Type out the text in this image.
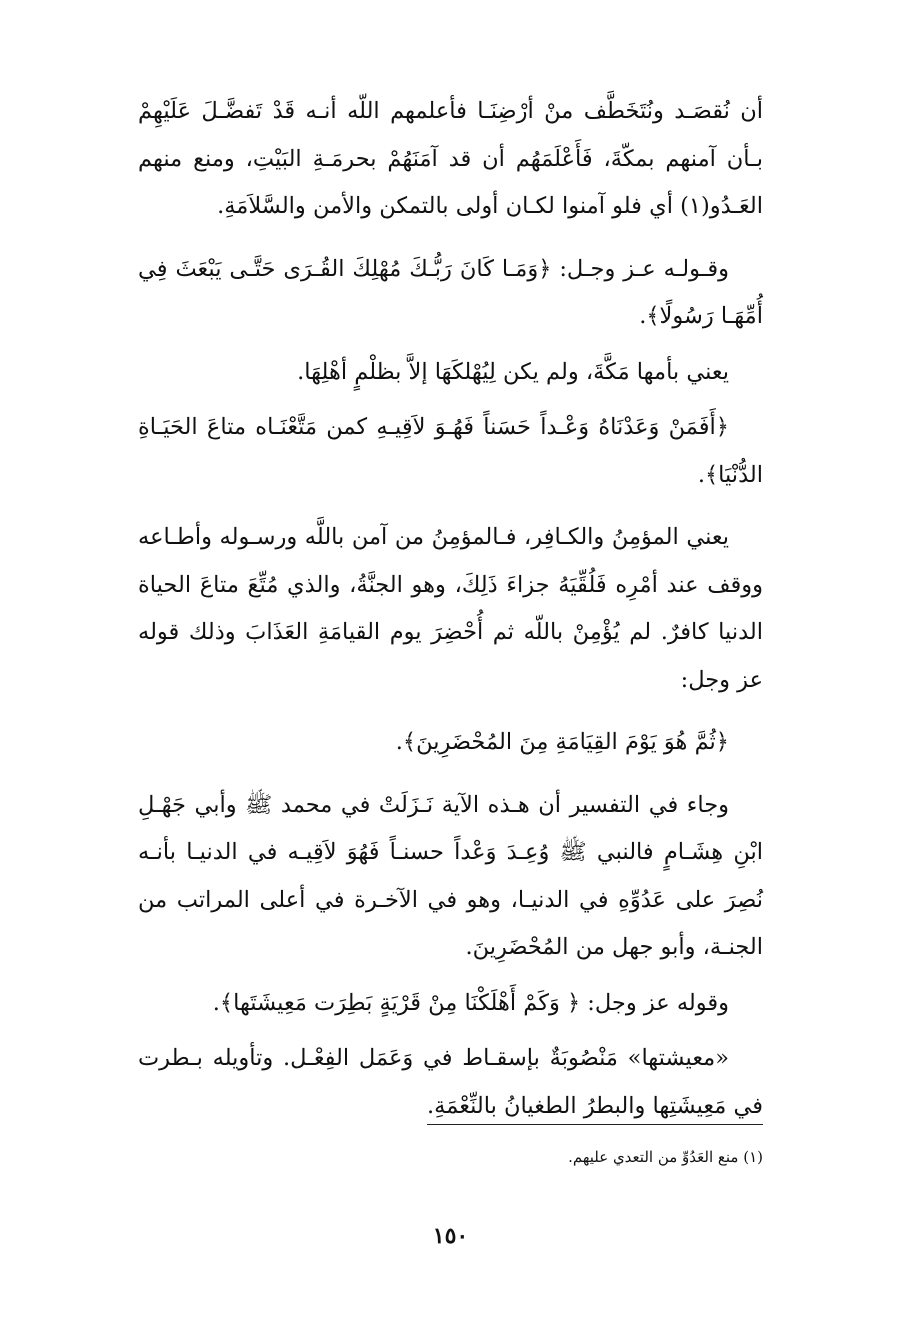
أن نُقصَـد ونُتَخَطَّف منْ أرْضِنَـا فأعلمهم اللّه أنـه قَدْ تَفضَّـلَ عَلَيْهِمْ بـأن آمنهم بمكّةَ، فَأَعْلَمَهُم أن قد آمَنَهُمْ بحرمَـةِ البَيْتِ، ومنع منهم العَـدُو(١) أي فلو آمنوا لكـان أولى بالتمكن والأمن والسَّلاَمَةِ.

وقـولـه عـز وجـل: ﴿وَمَـا كَانَ رَبُّـكَ مُهْلِكَ القُـرَى حَتَّـى يَبْعَثَ فِي أُمِّهَـا رَسُولًا﴾.

يعني بأمها مَكَّةَ، ولم يكن لِيُهْلكَهَا إلاَّ بظلْمٍ أهْلِهَا.

﴿أَفَمَنْ وَعَدْنَاهُ وَعْـداً حَسَناً فَهُـوَ لاَقِيـهِ كمن مَتَّعْنَـاه متاعَ الحَيَـاةِ الدُّنْيَا﴾.

يعني المؤمِنُ والكـافِر، فـالمؤمِنُ من آمن باللَّه ورسـوله وأطـاعه ووقف عند أمْرِه فَلُقِّيَهُ جزاءَ ذَلِكَ، وهو الجنَّةُ، والذي مُتِّعَ متاعَ الحياة الدنيا كافرٌ. لم يُؤْمِنْ باللّه ثم أُحْضِرَ يوم القيامَةِ العَذَابَ وذلك قوله عز وجل:

﴿ثُمَّ هُوَ يَوْمَ القِيَامَةِ مِنَ المُحْضَرِينَ﴾.

وجاء في التفسير أن هـذه الآية نَـزَلَتْ في محمد ﷺ وأبي جَهْـلِ ابْنِ هِشَـامٍ فالنبي ﷺ وُعِـدَ وَعْداً حسنـاً فَهُوَ لاَقِيـه في الدنيـا بأنـه نُصِرَ على عَدُوِّهِ في الدنيـا، وهو في الآخـرة في أعلى المراتب من الجنـة، وأبو جهل من المُحْضَرِينَ.

وقوله عز وجل: ﴿ وَكَمْ أَهْلَكْنَا مِنْ قَرْيَةٍ بَطِرَت مَعِيشَتَها﴾.

«معيشتها» مَنْصُوبَةٌ بإسقـاط في وَعَمَل الفِعْـل. وتأويله بـطرت في مَعِيشَتِها والبطرُ الطغيانُ بالنِّعْمَةِ.

(١) منع العَدُوِّ من التعدي عليهم.

١٥٠
